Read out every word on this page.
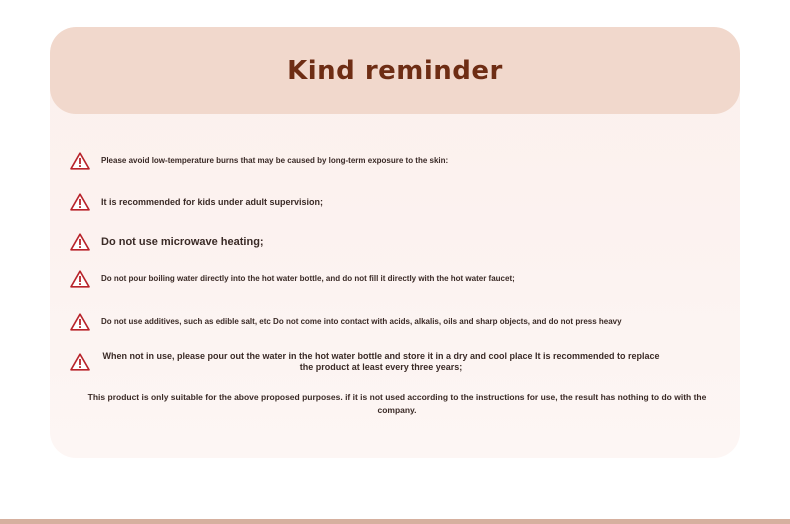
Kind reminder
Please avoid low-temperature burns that may be caused by long-term exposure to the skin:
It is recommended for kids under adult supervision;
Do not use microwave heating;
Do not pour boiling water directly into the hot water bottle, and do not fill it directly with the hot water faucet;
Do not use additives, such as edible salt, etc Do not come into contact with acids, alkalis, oils and sharp objects, and do not press heavy
When not in use, please pour out the water in the hot water bottle and store it in a dry and cool place It is recommended to replace the product at least every three years;

This product is only suitable for the above proposed purposes. if it is not used according to the instructions for use, the result has nothing to do with the company.
